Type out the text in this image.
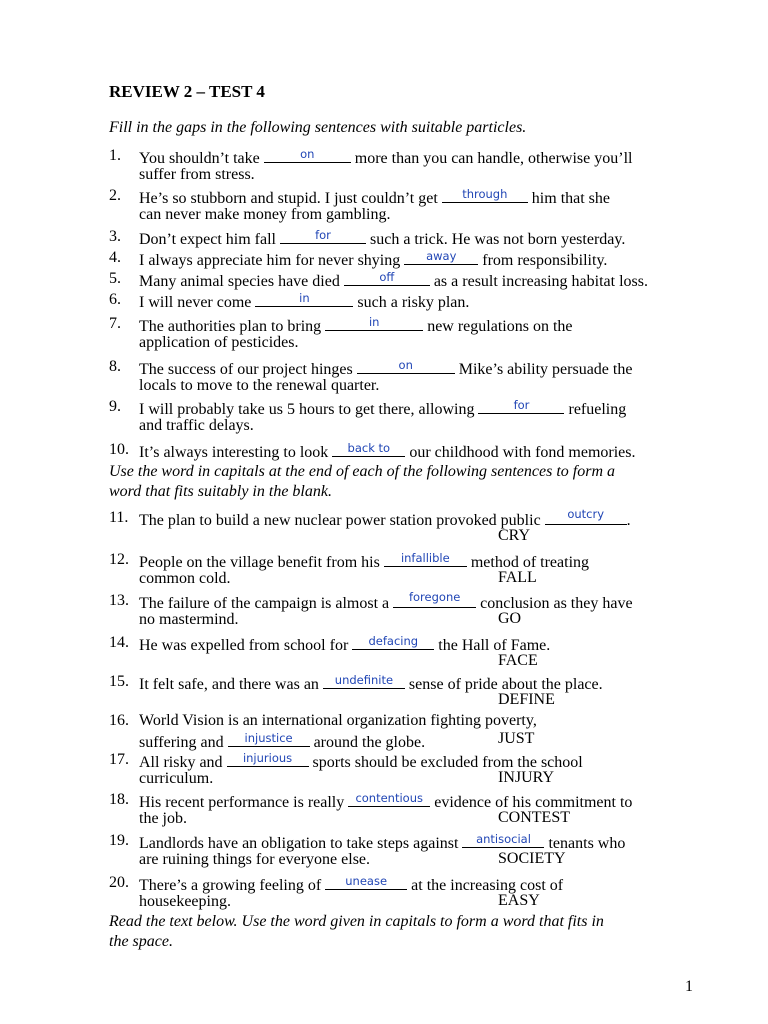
REVIEW 2 – TEST 4
Fill in the gaps in the following sentences with suitable particles.
1. You shouldn’t take	on	more than you can handle, otherwise you’ll
suffer from stress.
2. He’s so stubborn and stupid. I just couldn’t get	through	him that she
can never make money from gambling.
3. Don’t expect him fall	for	such a trick. He was not born yesterday.
4. I always appreciate him for never shying	away	from responsibility.
5. Many animal species have died	off	as a result increasing habitat loss.
6. I will never come	in	such a risky plan.
7. The authorities plan to bring	in	new regulations on the
application of pesticides.
8. The success of our project hinges	on	Mike’s ability persuade the
locals to move to the renewal quarter.
9. I will probably take us 5 hours to get there, allowing	for	refueling
and traffic delays.
10. It’s always interesting to look	back to our childhood with fond memories.
Use the word in capitals at the end of each of the following sentences to form a
word that fits suitably in the blank.
11. The plan to build a new nuclear power station provoked public	outcry	.
CRY
12. People on the village benefit from his	infallible	method of treating
common cold.	FALL
13. The failure of the campaign is almost a	foregone conclusion as they have
no mastermind.	GO
14. He was expelled from school for	defacing	the Hall of Fame.
FACE
15. It felt safe, and there was an	undefinite sense of pride about the place.
DEFINE
16. World Vision is an international organization fighting poverty,
suffering and	injustice	around the globe.	JUST
17. All risky and	injurious	sports should be excluded from the school
curriculum.	INJURY
18. His recent performance is really contentious evidence of his commitment to
the job.	CONTEST
19. Landlords have an obligation to take steps against	antisocial tenants who
are ruining things for everyone else.	SOCIETY
20. There’s a growing feeling of	unease	at the increasing cost of
housekeeping.	EASY
Read the text below. Use the word given in capitals to form a word that fits in
the space.
1
